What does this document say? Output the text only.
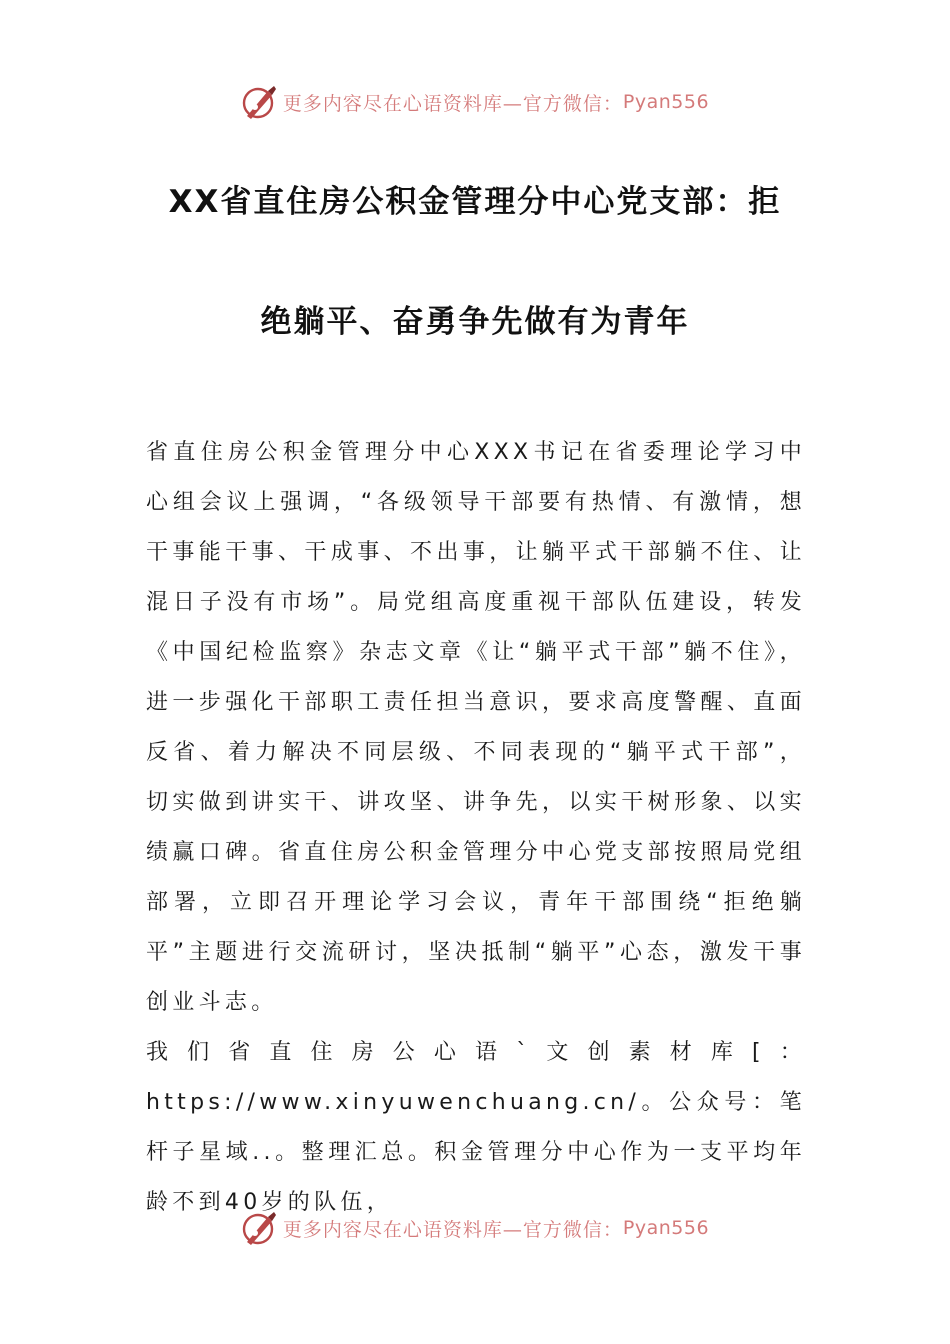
更多内容尽在心语资料库—官方微信： Pyan556
XX省直住房公积金管理分中心党支部：拒
绝躺平、奋勇争先做有为青年

省直住房公积金管理分中心XXX书记在省委理论学习中心组会议上强调，“各级领导干部要有热情、有激情，想干事能干事、干成事、不出事，让躺平式干部躺不住、让混日子没有市场”。局党组高度重视干部队伍建设，转发《中国纪检监察》杂志文章《让“躺平式干部”躺不住》，进一步强化干部职工责任担当意识，要求高度警醒、直面反省、着力解决不同层级、不同表现的“躺平式干部”，切实做到讲实干、讲攻坚、讲争先，以实干树形象、以实绩赢口碑。省直住房公积金管理分中心党支部按照局党组部署，立即召开理论学习会议，青年干部围绕“拒绝躺平”主题进行交流研讨，坚决抵制“躺平”心态，激发干事创业斗志。

我们省直住房公心语`文创素材库[：https://www.xinyuwenchuang.cn/。公众号：笔杆子星域..。整理汇总。积金管理分中心作为一支平均年龄不到40岁的队伍，

更多内容尽在心语资料库—官方微信： Pyan556
